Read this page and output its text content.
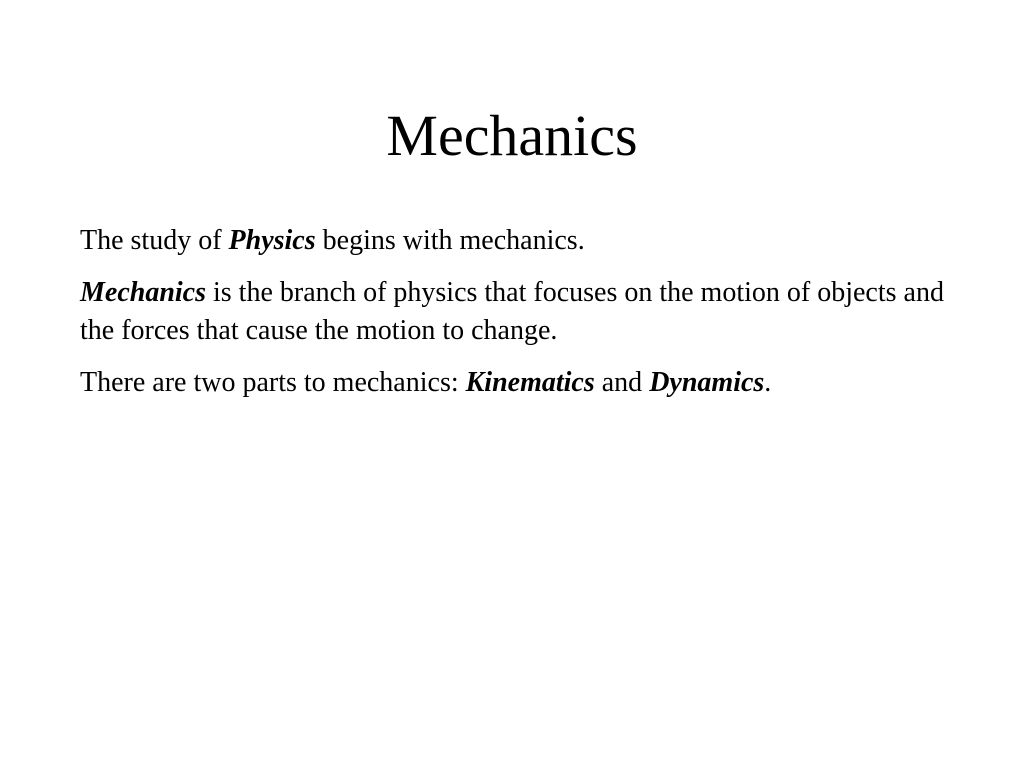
Mechanics

The study of Physics begins with mechanics.

Mechanics is the branch of physics that focuses on the motion of objects and the forces that cause the motion to change.

There are two parts to mechanics: Kinematics and Dynamics.
